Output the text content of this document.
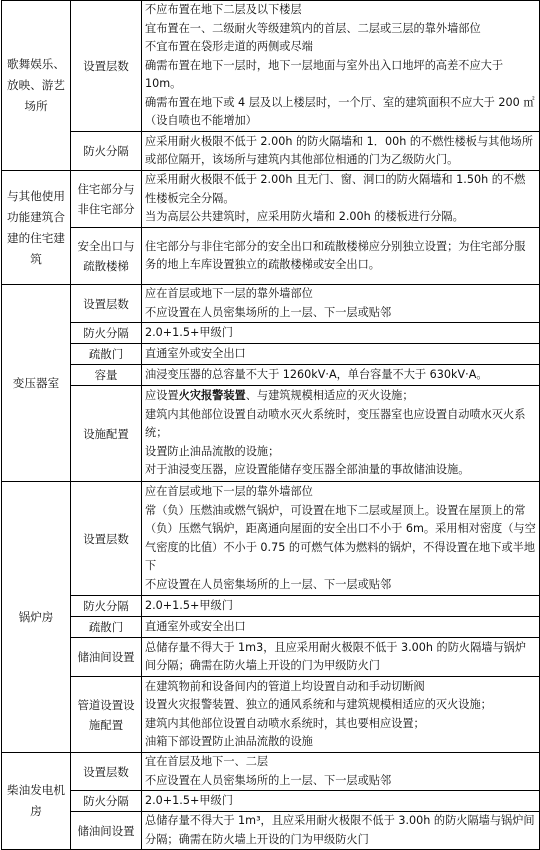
歌舞娱乐、放映、游艺场所	设置层数	不应布置在地下二层及以下楼层
宜布置在一、二级耐火等级建筑内的首层、二层或三层的靠外墙部位
不宜布置在袋形走道的两侧或尽端
确需布置在地下一层时，地下一层地面与室外出入口地坪的高差不应大于10m。
确需布置在地下或 4 层及以上楼层时，一个厅、室的建筑面积不应大于 200 ㎡（设自喷也不能增加）

	防火分隔	应采用耐火极限不低于 2.00h 的防火隔墙和 1．00h 的不燃性楼板与其他场所或部位隔开，该场所与建筑内其他部位相通的门为乙级防火门。

与其他使用功能建筑合建的住宅建筑	住宅部分与非住宅部分	应采用耐火极限不低于 2.00h 且无门、窗、洞口的防火隔墙和 1.50h 的不燃性楼板完全分隔。
当为高层公共建筑时，应采用防火墙和 2.00h 的楼板进行分隔。

	安全出口与疏散楼梯	住宅部分与非住宅部分的安全出口和疏散楼梯应分别独立设置；为住宅部分服务的地上车库设置独立的疏散楼梯或安全出口。

变压器室	设置层数	应在首层或地下一层的靠外墙部位
不应设置在人员密集场所的上一层、下一层或贴邻

	防火分隔	2.0+1.5+甲级门
	疏散门	直通室外或安全出口
	容量	油浸变压器的总容量不大于 1260kV·A，单台容量不大于 630kV·A。
	设施配置	应设置火灾报警装置、与建筑规模相适应的灭火设施；
建筑内其他部位设置自动喷水灭火系统时，变压器室也应设置自动喷水灭火系统；
设置防止油品流散的设施；
对于油浸变压器，应设置能储存变压器全部油量的事故储油设施。

锅炉房	设置层数	应在首层或地下一层的靠外墙部位
常（负）压燃油或燃气锅炉，可设置在地下二层或屋顶上。设置在屋顶上的常 （负）压燃气锅炉，距离通向屋面的安全出口不小于 6m。采用相对密度（与空气密度的比值）不小于 0.75 的可燃气体为燃料的锅炉，不得设置在地下或半地下
不应设置在人员密集场所的上一层、下一层或贴邻

	防火分隔	2.0+1.5+甲级门
	疏散门	直通室外或安全出口
	储油间设置	总储存量不得大于 1m3，且应采用耐火极限不低于 3.00h 的防火隔墙与锅炉间分隔；确需在防火墙上开设的门为甲级防火门

	管道设置设施配置	在建筑物前和设备间内的管道上均设置自动和手动切断阀
设置火灾报警装置、独立的通风系统和与建筑规模相适应的灭火设施；
建筑内其他部位设置自动喷水系统时，其也要相应设置；
油箱下部设置防止油品流散的设施

柴油发电机房	设置层数	宜在首层及地下一、二层
不应设置在人员密集场所的上一层、下一层或贴邻

	防火分隔	2.0+1.5+甲级门
	储油间设置	总储存量不得大于 1m³，且应采用耐火极限不低于 3.00h 的防火隔墙与锅炉间分隔；确需在防火墙上开设的门为甲级防火门
